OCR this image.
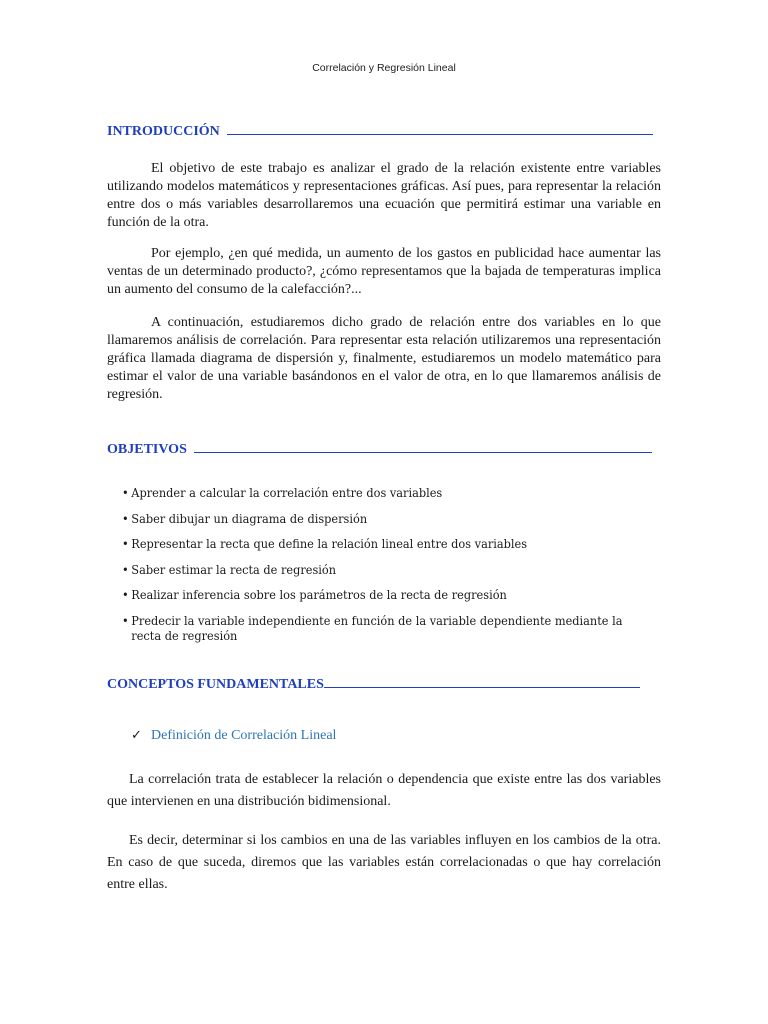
Correlación y Regresión Lineal
INTRODUCCIÓN

El objetivo de este trabajo es analizar el grado de la relación existente entre variables utilizando modelos matemáticos y representaciones gráficas. Así pues, para representar la relación entre dos o más variables desarrollaremos una ecuación que permitirá estimar una variable en función de la otra.

Por ejemplo, ¿en qué medida, un aumento de los gastos en publicidad hace aumentar las ventas de un determinado producto?, ¿cómo representamos que la bajada de temperaturas implica un aumento del consumo de la calefacción?...

A continuación, estudiaremos dicho grado de relación entre dos variables en lo que llamaremos análisis de correlación. Para representar esta relación utilizaremos una representación gráfica llamada diagrama de dispersión y, finalmente, estudiaremos un modelo matemático para estimar el valor de una variable basándonos en el valor de otra, en lo que llamaremos análisis de regresión.

OBJETIVOS
• Aprender a calcular la correlación entre dos variables
• Saber dibujar un diagrama de dispersión
• Representar la recta que define la relación lineal entre dos variables
• Saber estimar la recta de regresión
• Realizar inferencia sobre los parámetros de la recta de regresión
• Predecir la variable independiente en función de la variable dependiente mediante la recta de regresión
CONCEPTOS FUNDAMENTALES
✓ Definición de Correlación Lineal

La correlación trata de establecer la relación o dependencia que existe entre las dos variables que intervienen en una distribución bidimensional.

Es decir, determinar si los cambios en una de las variables influyen en los cambios de la otra. En caso de que suceda, diremos que las variables están correlacionadas o que hay correlación entre ellas.
